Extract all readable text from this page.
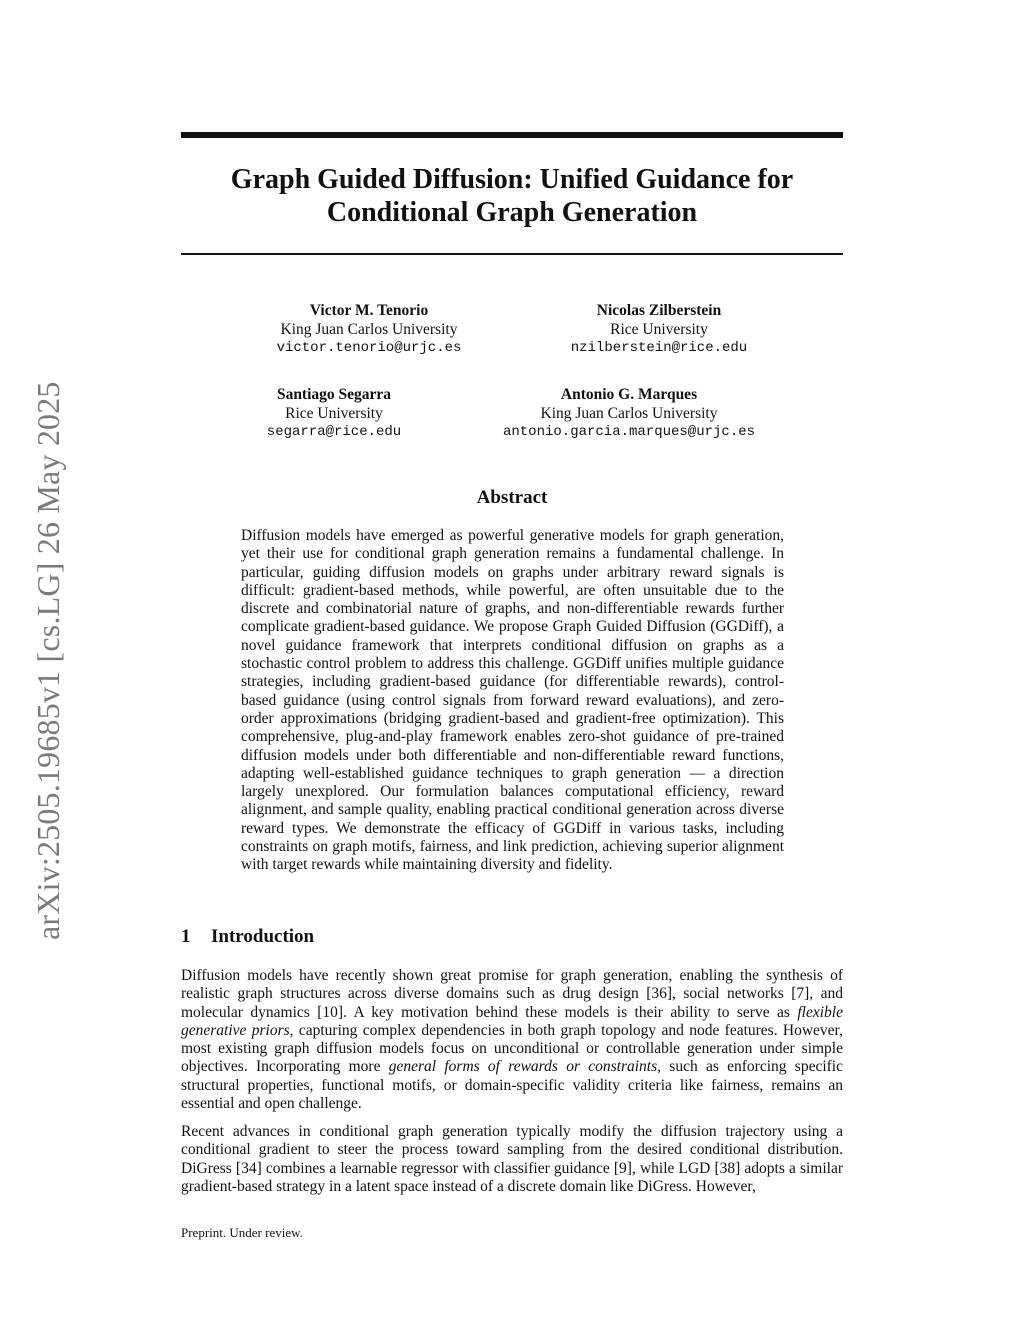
arXiv:2505.19685v1 [cs.LG] 26 May 2025
Graph Guided Diffusion: Unified Guidance for
Conditional Graph Generation
Victor M. Tenorio
King Juan Carlos University
victor.tenorio@urjc.es
Nicolas Zilberstein
Rice University
nzilberstein@rice.edu
Santiago Segarra
Rice University
segarra@rice.edu
Antonio G. Marques
King Juan Carlos University
antonio.garcia.marques@urjc.es
Abstract
Diffusion models have emerged as powerful generative models for graph generation, yet their use for conditional graph generation remains a fundamental challenge. In particular, guiding diffusion models on graphs under arbitrary reward signals is difficult: gradient-based methods, while powerful, are often unsuitable due to the discrete and combinatorial nature of graphs, and non-differentiable rewards further complicate gradient-based guidance. We propose Graph Guided Diffusion (GGDiff), a novel guidance framework that interprets conditional diffusion on graphs as a stochastic control problem to address this challenge. GGDiff unifies multiple guidance strategies, including gradient-based guidance (for differentiable rewards), control-based guidance (using control signals from forward reward evaluations), and zero-order approximations (bridging gradient-based and gradient-free optimization). This comprehensive, plug-and-play framework enables zero-shot guidance of pre-trained diffusion models under both differentiable and non-differentiable reward functions, adapting well-established guidance techniques to graph generation — a direction largely unexplored. Our formulation balances computational efficiency, reward alignment, and sample quality, enabling practical conditional generation across diverse reward types. We demonstrate the efficacy of GGDiff in various tasks, including constraints on graph motifs, fairness, and link prediction, achieving superior alignment with target rewards while maintaining diversity and fidelity.
1 Introduction
Diffusion models have recently shown great promise for graph generation, enabling the synthesis of realistic graph structures across diverse domains such as drug design [36], social networks [7], and molecular dynamics [10]. A key motivation behind these models is their ability to serve as flexible generative priors, capturing complex dependencies in both graph topology and node features. However, most existing graph diffusion models focus on unconditional or controllable generation under simple objectives. Incorporating more general forms of rewards or constraints, such as enforcing specific structural properties, functional motifs, or domain-specific validity criteria like fairness, remains an essential and open challenge.
Recent advances in conditional graph generation typically modify the diffusion trajectory using a conditional gradient to steer the process toward sampling from the desired conditional distribution. DiGress [34] combines a learnable regressor with classifier guidance [9], while LGD [38] adopts a similar gradient-based strategy in a latent space instead of a discrete domain like DiGress. However,
Preprint. Under review.
